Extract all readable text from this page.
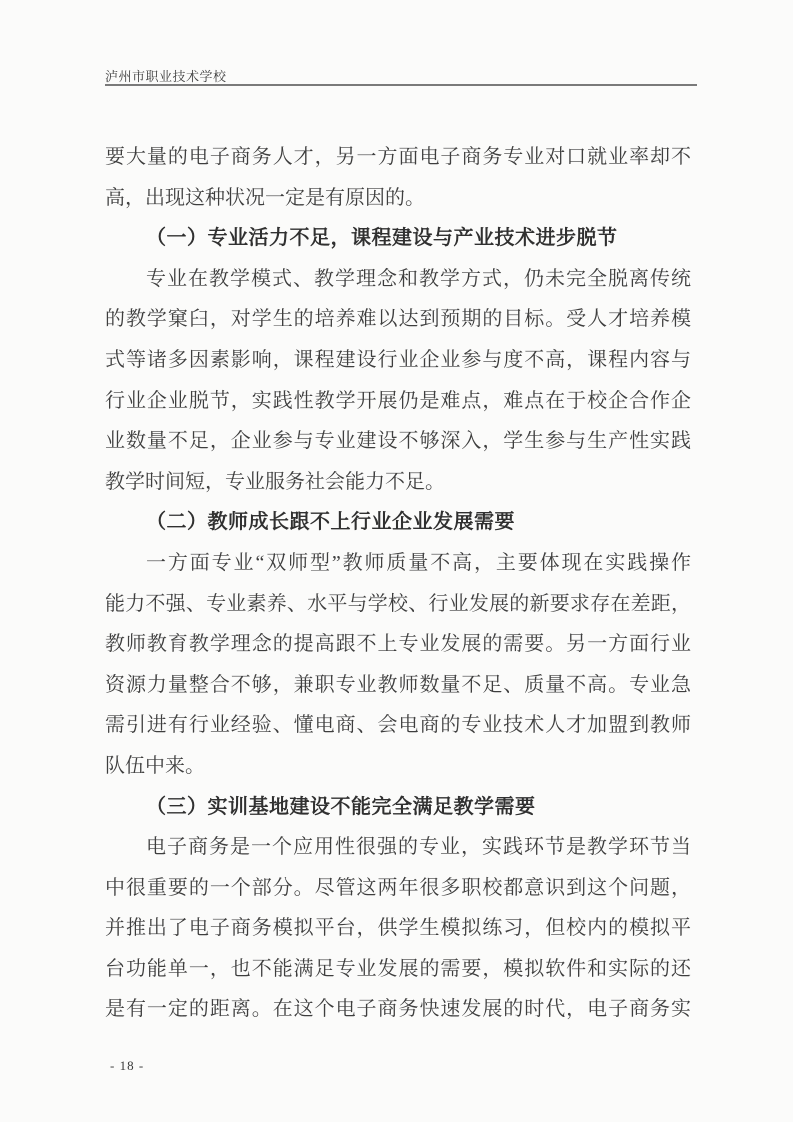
泸州市职业技术学校
要大量的电子商务人才，另一方面电子商务专业对口就业率却不
高，出现这种状况一定是有原因的。
（一）专业活力不足，课程建设与产业技术进步脱节
专业在教学模式、教学理念和教学方式，仍未完全脱离传统
的教学窠臼，对学生的培养难以达到预期的目标。受人才培养模
式等诸多因素影响，课程建设行业企业参与度不高，课程内容与
行业企业脱节，实践性教学开展仍是难点，难点在于校企合作企
业数量不足，企业参与专业建设不够深入，学生参与生产性实践
教学时间短，专业服务社会能力不足。
（二）教师成长跟不上行业企业发展需要
一方面专业“双师型”教师质量不高，主要体现在实践操作
能力不强、专业素养、水平与学校、行业发展的新要求存在差距，
教师教育教学理念的提高跟不上专业发展的需要。另一方面行业
资源力量整合不够，兼职专业教师数量不足、质量不高。专业急
需引进有行业经验、懂电商、会电商的专业技术人才加盟到教师
队伍中来。
（三）实训基地建设不能完全满足教学需要
电子商务是一个应用性很强的专业，实践环节是教学环节当
中很重要的一个部分。尽管这两年很多职校都意识到这个问题，
并推出了电子商务模拟平台，供学生模拟练习，但校内的模拟平
台功能单一，也不能满足专业发展的需要，模拟软件和实际的还
是有一定的距离。在这个电子商务快速发展的时代，电子商务实
- 18 -
